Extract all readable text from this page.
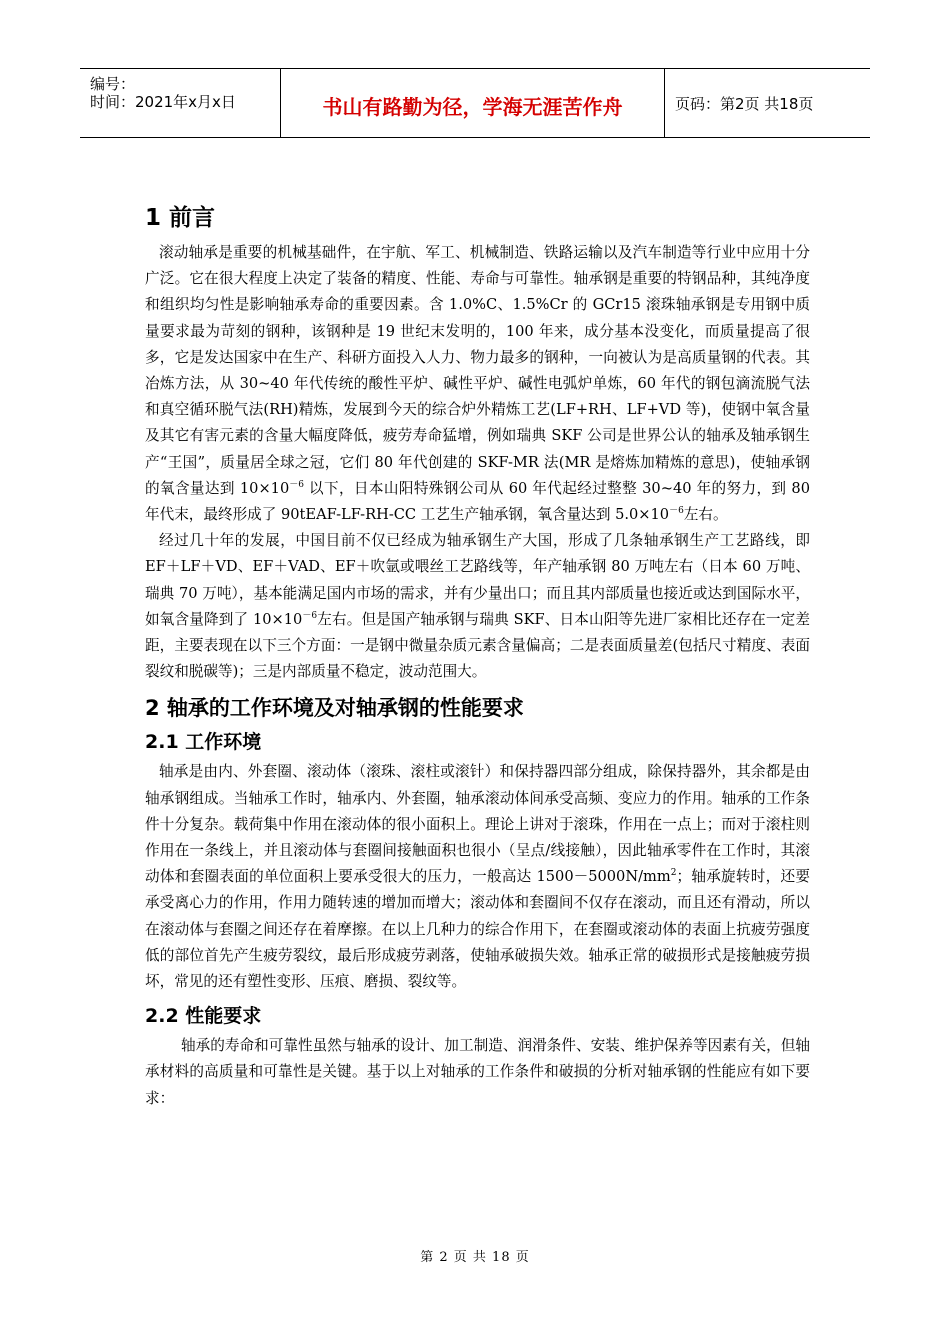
编号：
时间：2021年x月x日	书山有路勤为径，学海无涯苦作舟	页码：第2页 共18页
1 前言

滚动轴承是重要的机械基础件，在宇航、军工、机械制造、铁路运输以及汽车制造等行业中应用十分广泛。它在很大程度上决定了装备的精度、性能、寿命与可靠性。轴承钢是重要的特钢品种，其纯净度和组织均匀性是影响轴承寿命的重要因素。含 1.0%C、1.5%Cr 的 GCr15 滚珠轴承钢是专用钢中质量要求最为苛刻的钢种，该钢种是 19 世纪末发明的，100 年来，成分基本没变化，而质量提高了很多，它是发达国家中在生产、科研方面投入人力、物力最多的钢种，一向被认为是高质量钢的代表。其冶炼方法，从 30~40 年代传统的酸性平炉、碱性平炉、碱性电弧炉单炼，60 年代的钢包滴流脱气法和真空循环脱气法(RH)精炼，发展到今天的综合炉外精炼工艺(LF+RH、LF+VD 等)，使钢中氧含量及其它有害元素的含量大幅度降低，疲劳寿命猛增，例如瑞典 SKF 公司是世界公认的轴承及轴承钢生产“王国”，质量居全球之冠，它们 80 年代创建的 SKF-MR 法(MR 是熔炼加精炼的意思)，使轴承钢的氧含量达到 $10\times 10^{-6}$ 以下，日本山阳特殊钢公司从 60 年代起经过整整 30~40 年的努力，到 80 年代末，最终形成了 90tEAF-LF-RH-CC 工艺生产轴承钢，氧含量达到 $5.0\times 10^{-6}$左右。

经过几十年的发展，中国目前不仅已经成为轴承钢生产大国，形成了几条轴承钢生产工艺路线，即 EF＋LF＋VD、EF＋VAD、EF＋吹氩或喂丝工艺路线等，年产轴承钢 80 万吨左右（日本 60 万吨、瑞典 70 万吨），基本能满足国内市场的需求，并有少量出口；而且其内部质量也接近或达到国际水平，如氧含量降到了 $10\times 10^{-6}$左右。但是国产轴承钢与瑞典 SKF、日本山阳等先进厂家相比还存在一定差距，主要表现在以下三个方面：一是钢中微量杂质元素含量偏高；二是表面质量差(包括尺寸精度、表面裂纹和脱碳等)；三是内部质量不稳定，波动范围大。

2 轴承的工作环境及对轴承钢的性能要求
2.1 工作环境

轴承是由内、外套圈、滚动体（滚珠、滚柱或滚针）和保持器四部分组成，除保持器外，其余都是由轴承钢组成。当轴承工作时，轴承内、外套圈，轴承滚动体间承受高频、变应力的作用。轴承的工作条件十分复杂。载荷集中作用在滚动体的很小面积上。理论上讲对于滚珠，作用在一点上；而对于滚柱则作用在一条线上，并且滚动体与套圈间接触面积也很小（呈点/线接触），因此轴承零件在工作时，其滚动体和套圈表面的单位面积上要承受很大的压力，一般高达 $1500-5000N/mm^2$；轴承旋转时，还要承受离心力的作用，作用力随转速的增加而增大；滚动体和套圈间不仅存在滚动，而且还有滑动，所以在滚动体与套圈之间还存在着摩擦。在以上几种力的综合作用下，在套圈或滚动体的表面上抗疲劳强度低的部位首先产生疲劳裂纹，最后形成疲劳剥落，使轴承破损失效。轴承正常的破损形式是接触疲劳损坏，常见的还有塑性变形、压痕、磨损、裂纹等。

2.2 性能要求

轴承的寿命和可靠性虽然与轴承的设计、加工制造、润滑条件、安装、维护保养等因素有关，但轴承材料的高质量和可靠性是关键。基于以上对轴承的工作条件和破损的分析对轴承钢的性能应有如下要求：

第 2 页 共 18 页
